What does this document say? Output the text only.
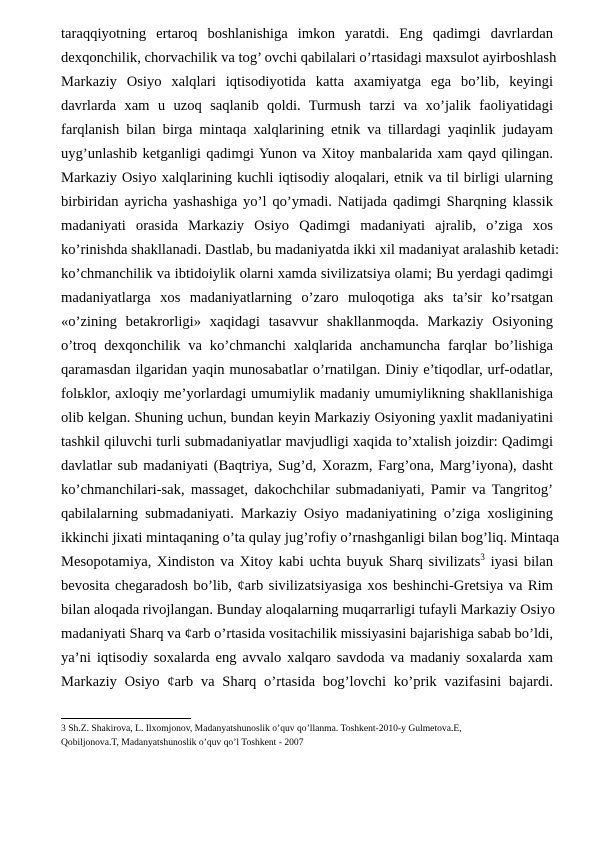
taraqqiyotning ertaroq boshlanishiga imkon yaratdi. Eng qadimgi davrlardan
dexqonchilik, chorvachilik va tog’ ovchi qabilalari o’rtasidagi maxsulot ayirboshlash
Markaziy Osiyo xalqlari iqtisodiyotida katta axamiyatga ega bo’lib, keyingi
davrlarda xam u uzoq saqlanib qoldi. Turmush tarzi va xo’jalik faoliyatidagi
farqlanish bilan birga mintaqa xalqlarining etnik va tillardagi yaqinlik judayam
uyg’unlashib ketganligi qadimgi Yunon va Xitoy manbalarida xam qayd qilingan.
Markaziy Osiyo xalqlarining kuchli iqtisodiy aloqalari, etnik va til birligi ularning
birbiridan ayricha yashashiga yo’l qo’ymadi. Natijada qadimgi Sharqning klassik
madaniyati orasida Markaziy Osiyo Qadimgi madaniyati ajralib, o’ziga xos
ko’rinishda shakllanadi. Dastlab, bu madaniyatda ikki xil madaniyat aralashib ketadi:
ko’chmanchilik va ibtidoiylik olarni xamda sivilizatsiya olami; Bu yerdagi qadimgi
madaniyatlarga xos madaniyatlarning o’zaro muloqotiga aks ta’sir ko’rsatgan
«o’zining betakrorligi» xaqidagi tasavvur shakllanmoqda. Markaziy Osiyoning
o’troq dexqonchilik va ko’chmanchi xalqlarida anchamuncha farqlar bo’lishiga
qaramasdan ilgaridan yaqin munosabatlar o’rnatilgan. Diniy e’tiqodlar, urf-odatlar,
folьklor, axloqiy me’yorlardagi umumiylik madaniy umumiylikning shakllanishiga
olib kelgan. Shuning uchun, bundan keyin Markaziy Osiyoning yaxlit madaniyatini
tashkil qiluvchi turli submadaniyatlar mavjudligi xaqida to’xtalish joizdir: Qadimgi
davlatlar sub madaniyati (Baqtriya, Sug’d, Xorazm, Farg’ona, Marg’iyona), dasht
ko’chmanchilari-sak, massaget, dakochchilar submadaniyati, Pamir va Tangritog’
qabilalarning submadaniyati. Markaziy Osiyo madaniyatining o’ziga xosligining
ikkinchi jixati mintaqaning o’ta qulay jug’rofiy o’rnashganligi bilan bog’liq. Mintaqa
Mesopotamiya, Xindiston va Xitoy kabi uchta buyuk Sharq sivilizats$^3$ iyasi bilan
bevosita chegaradosh bo’lib, ¢arb sivilizatsiyasiga xos beshinchi-Gretsiya va Rim
bilan aloqada rivojlangan. Bunday aloqalarning muqarrarligi tufayli Markaziy Osiyo
madaniyati Sharq va ¢arb o’rtasida vositachilik missiyasini bajarishiga sabab bo’ldi,
ya’ni iqtisodiy soxalarda eng avvalo xalqaro savdoda va madaniy soxalarda xam
Markaziy Osiyo ¢arb va Sharq o’rtasida bog’lovchi ko’prik vazifasini bajardi.
3 Sh.Z. Shakirova, L. Ilxomjonov, Madanyatshunoslik o’quv qo’llanma. Toshkent-2010-y Gulmetova.E,
Qobiljonova.T, Madanyatshunoslik o’quv qo’l Toshkent - 2007
